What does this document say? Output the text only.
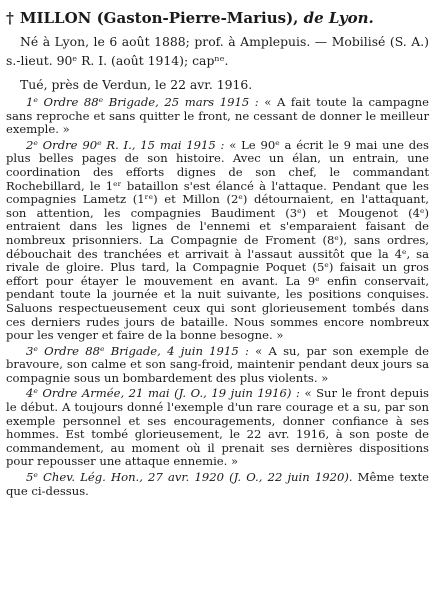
† MILLON (Gaston-Pierre-Marius), de Lyon.

Né à Lyon, le 6 août 1888; prof. à Amplepuis. — Mobilisé (S. A.) s.-lieut. 90ᵉ R. I. (août 1914); capⁿᵉ.

Tué, près de Verdun, le 22 avr. 1916.

1ᵉ Ordre 88ᵉ Brigade, 25 mars 1915 : « A fait toute la campagne sans reproche et sans quitter le front, ne cessant de donner le meilleur exemple. »

2ᵉ Ordre 90ᵉ R. I., 15 mai 1915 : « Le 90ᵉ a écrit le 9 mai une des plus belles pages de son histoire. Avec un élan, un entrain, une coordination des efforts dignes de son chef, le commandant Rochebillard, le 1ᵉʳ bataillon s'est élancé à l'attaque. Pendant que les compagnies Lametz (1ʳᵉ) et Millon (2ᵉ) détournaient, en l'attaquant, son attention, les compagnies Baudiment (3ᵉ) et Mougenot (4ᵉ) entraient dans les lignes de l'ennemi et s'emparaient faisant de nombreux prisonniers. La Compagnie de Froment (8ᵉ), sans ordres, débouchait des tranchées et arrivait à l'assaut aussitôt que la 4ᵉ, sa rivale de gloire. Plus tard, la Compagnie Poquet (5ᵉ) faisait un gros effort pour étayer le mouvement en avant. La 9ᵉ enfin conservait, pendant toute la journée et la nuit suivante, les positions conquises. Saluons respectueusement ceux qui sont glorieusement tombés dans ces derniers rudes jours de bataille. Nous sommes encore nombreux pour les venger et faire de la bonne besogne. »

3ᵉ Ordre 88ᵉ Brigade, 4 juin 1915 : « A su, par son exemple de bravoure, son calme et son sang-froid, maintenir pendant deux jours sa compagnie sous un bombardement des plus violents. »

4ᵉ Ordre Armée, 21 mai (J. O., 19 juin 1916) : « Sur le front depuis le début. A toujours donné l'exemple d'un rare courage et a su, par son exemple personnel et ses encouragements, donner confiance à ses hommes. Est tombé glorieusement, le 22 avr. 1916, à son poste de commandement, au moment où il prenait ses dernières dispositions pour repousser une attaque ennemie. »

5ᵉ Chev. Lég. Hon., 27 avr. 1920 (J. O., 22 juin 1920). Même texte que ci-dessus.
